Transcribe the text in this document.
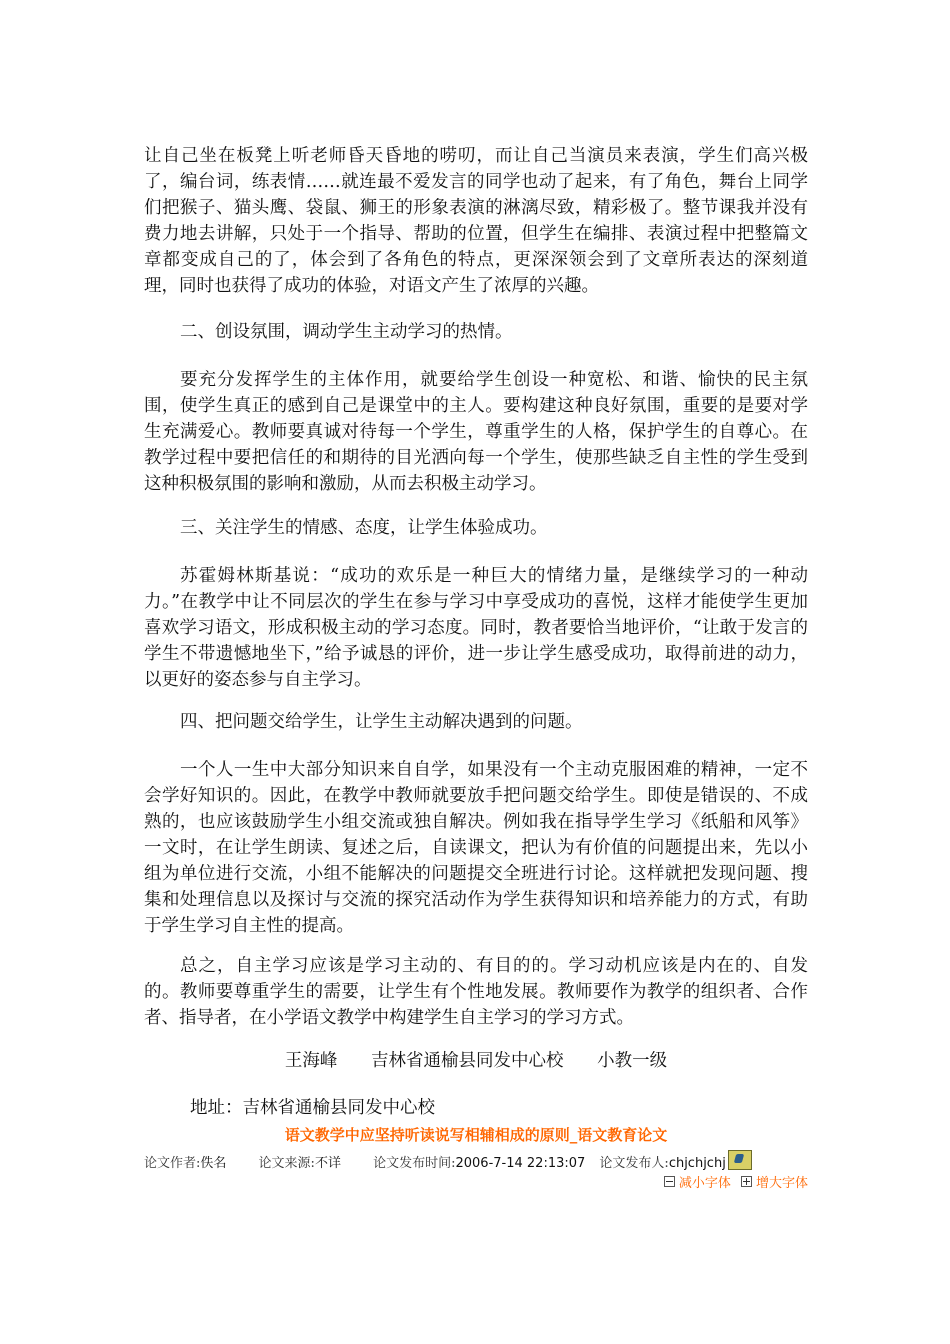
让自己坐在板凳上听老师昏天昏地的唠叨，而让自己当演员来表演，学生们高兴极了，编台词，练表情……就连最不爱发言的同学也动了起来，有了角色，舞台上同学们把猴子、猫头鹰、袋鼠、狮王的形象表演的淋漓尽致，精彩极了。整节课我并没有费力地去讲解，只处于一个指导、帮助的位置，但学生在编排、表演过程中把整篇文章都变成自己的了，体会到了各角色的特点，更深深领会到了文章所表达的深刻道理，同时也获得了成功的体验，对语文产生了浓厚的兴趣。

二、创设氛围，调动学生主动学习的热情。

要充分发挥学生的主体作用，就要给学生创设一种宽松、和谐、愉快的民主氛围，使学生真正的感到自己是课堂中的主人。要构建这种良好氛围，重要的是要对学生充满爱心。教师要真诚对待每一个学生，尊重学生的人格，保护学生的自尊心。在教学过程中要把信任的和期待的目光洒向每一个学生，使那些缺乏自主性的学生受到这种积极氛围的影响和激励，从而去积极主动学习。

三、关注学生的情感、态度，让学生体验成功。

苏霍姆林斯基说：“成功的欢乐是一种巨大的情绪力量，是继续学习的一种动力。”在教学中让不同层次的学生在参与学习中享受成功的喜悦，这样才能使学生更加喜欢学习语文，形成积极主动的学习态度。同时，教者要恰当地评价，“让敢于发言的学生不带遗憾地坐下，”给予诚恳的评价，进一步让学生感受成功，取得前进的动力，以更好的姿态参与自主学习。

四、把问题交给学生，让学生主动解决遇到的问题。

一个人一生中大部分知识来自自学，如果没有一个主动克服困难的精神，一定不会学好知识的。因此，在教学中教师就要放手把问题交给学生。即使是错误的、不成熟的，也应该鼓励学生小组交流或独自解决。例如我在指导学生学习《纸船和风筝》一文时，在让学生朗读、复述之后，自读课文，把认为有价值的问题提出来，先以小组为单位进行交流，小组不能解决的问题提交全班进行讨论。这样就把发现问题、搜集和处理信息以及探讨与交流的探究活动作为学生获得知识和培养能力的方式，有助于学生学习自主性的提高。

总之，自主学习应该是学习主动的、有目的的。学习动机应该是内在的、自发的。教师要尊重学生的需要，让学生有个性地发展。教师要作为教学的组织者、合作者、指导者，在小学语文教学中构建学生自主学习的学习方式。

王海峰 吉林省通榆县同发中心校 小教一级
地址：吉林省通榆县同发中心校
语文教学中应坚持听读说写相辅相成的原则_语文教育论文
论文作者:佚名 论文来源:不详 论文发布时间:2006-7-14 22:13:07 论文发布人:chjchjchj
减小字体 增大字体
